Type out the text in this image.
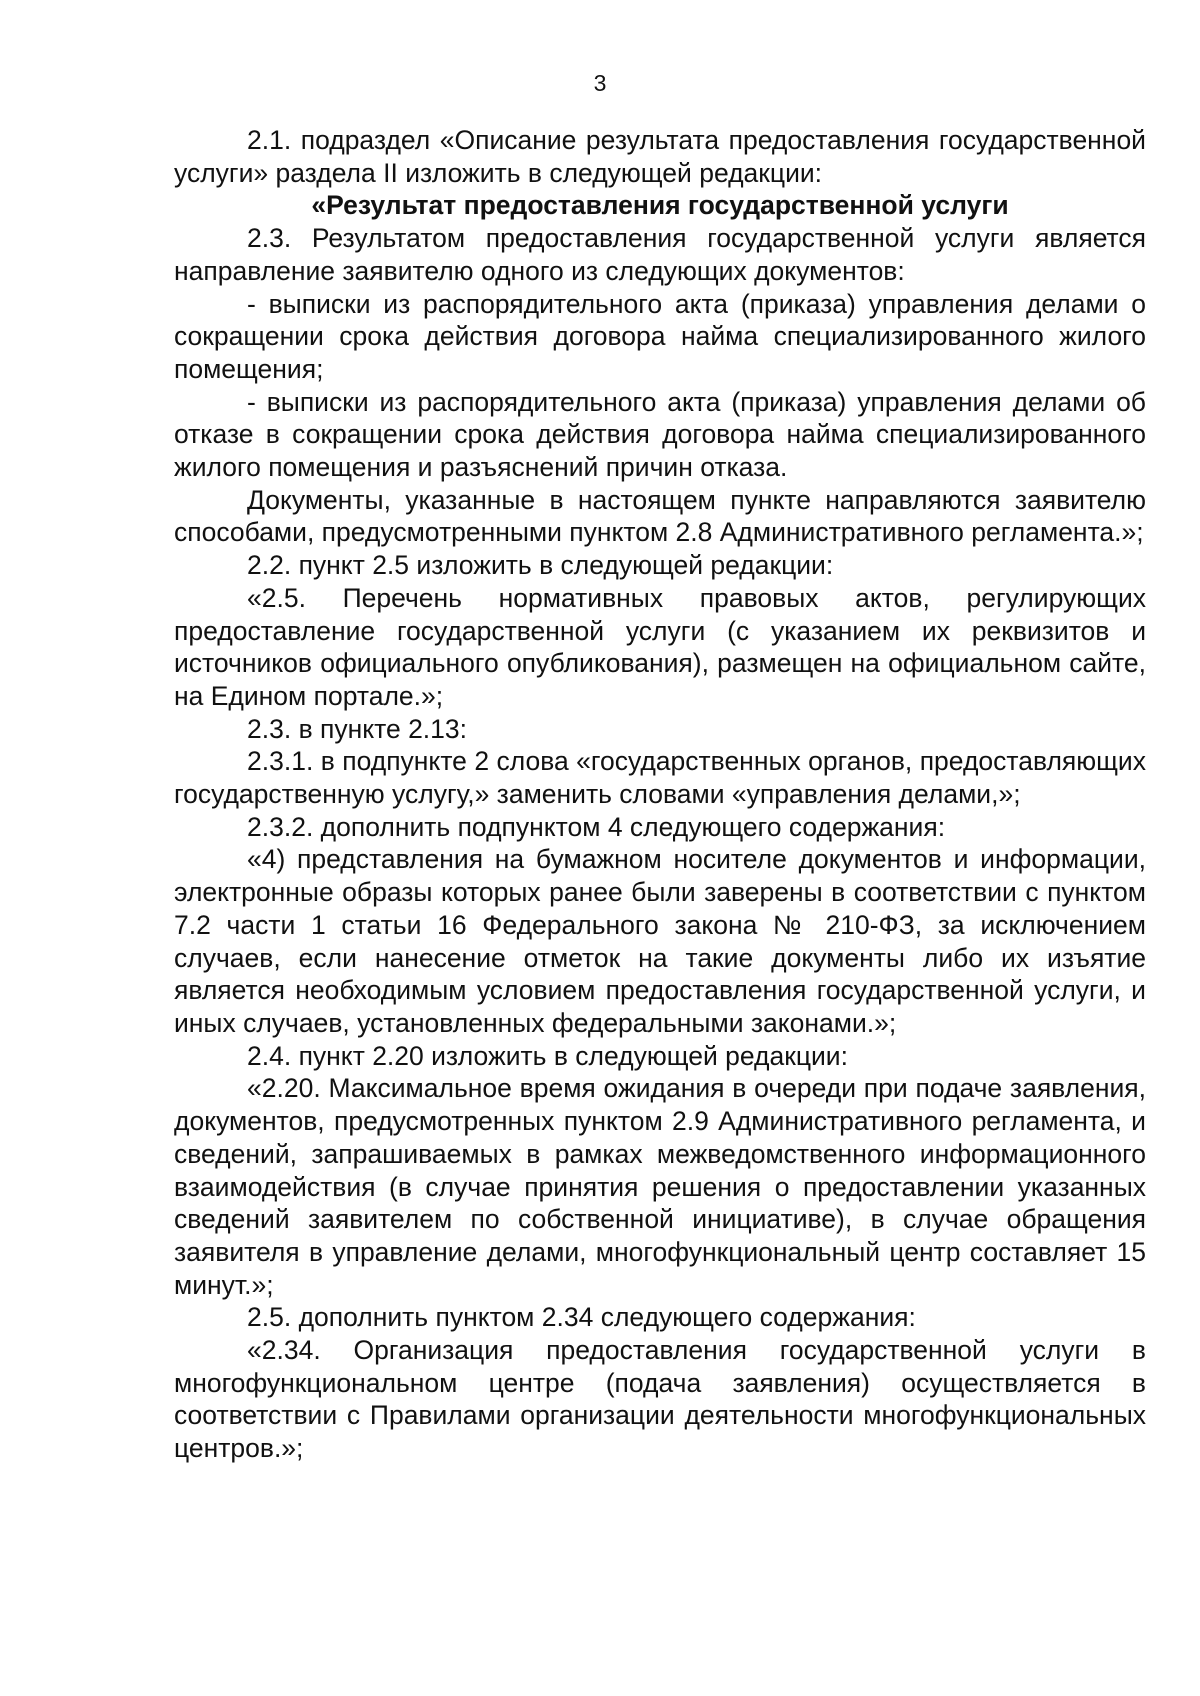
3

2.1. подраздел «Описание результата предоставления государственной услуги» раздела II изложить в следующей редакции:

«Результат предоставления государственной услуги

2.3. Результатом предоставления государственной услуги является направление заявителю одного из следующих документов:

- выписки из распорядительного акта (приказа) управления делами о сокращении срока действия договора найма специализированного жилого помещения;

- выписки из распорядительного акта (приказа) управления делами об отказе в сокращении срока действия договора найма специализированного жилого помещения и разъяснений причин отказа.

Документы, указанные в настоящем пункте направляются заявителю способами, предусмотренными пунктом 2.8 Административного регламента.»;

2.2. пункт 2.5 изложить в следующей редакции:

«2.5. Перечень нормативных правовых актов, регулирующих предоставление государственной услуги (с указанием их реквизитов и источников официального опубликования), размещен на официальном сайте, на Едином портале.»;

2.3. в пункте 2.13:

2.3.1. в подпункте 2 слова «государственных органов, предоставляющих государственную услугу,» заменить словами «управления делами,»;

2.3.2. дополнить подпунктом 4 следующего содержания:

«4) представления на бумажном носителе документов и информации, электронные образы которых ранее были заверены в соответствии с пунктом 7.2 части 1 статьи 16 Федерального закона № 210-ФЗ, за исключением случаев, если нанесение отметок на такие документы либо их изъятие является необходимым условием предоставления государственной услуги, и иных случаев, установленных федеральными законами.»;

2.4. пункт 2.20 изложить в следующей редакции:

«2.20. Максимальное время ожидания в очереди при подаче заявления, документов, предусмотренных пунктом 2.9 Административного регламента, и сведений, запрашиваемых в рамках межведомственного информационного взаимодействия (в случае принятия решения о предоставлении указанных сведений заявителем по собственной инициативе), в случае обращения заявителя в управление делами, многофункциональный центр составляет 15 минут.»;

2.5. дополнить пунктом 2.34 следующего содержания:

«2.34. Организация предоставления государственной услуги в многофункциональном центре (подача заявления) осуществляется в соответствии с Правилами организации деятельности многофункциональных центров.»;
